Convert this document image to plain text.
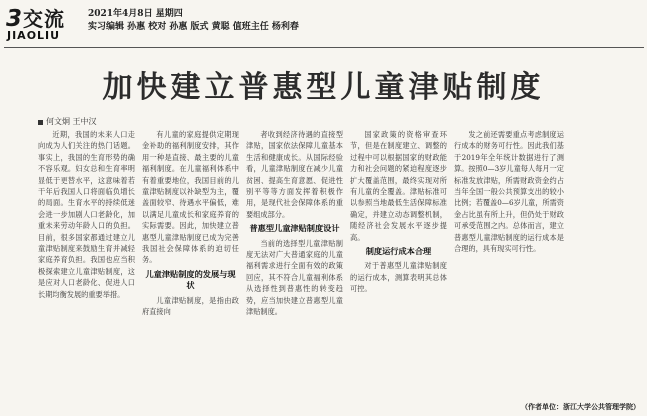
3交流
JIAOLIU
2021年4月8日 星期四
实习编辑 孙惠 校对 孙惠 版式 黄聪 值班主任 杨利春
加快建立普惠型儿童津贴制度
何文炯 王中汉

近期，我国的未来人口走向成为人们关注的热门话题。事实上，我国的生育形势的确不容乐观。妇女总和生育率明显低于更替水平，这意味着若干年后我国人口将面临负增长的局面。生育水平的持续低迷会进一步加剧人口老龄化，加重未来劳动年龄人口的负担。目前，很多国家都通过建立儿童津贴制度来鼓励生育并减轻家庭养育负担。我国也应当积极探索建立儿童津贴制度，这是应对人口老龄化、促进人口长期均衡发展的重要举措。

有儿童的家庭提供定期现金补助的福利制度安排，其作用一种是直接、最主要的儿童福利制度。在儿童福利体系中有着重要地位，我国目前的儿童津贴制度以补缺型为主，覆盖面较窄、待遇水平偏低，难以满足儿童成长和家庭养育的实际需要。因此，加快建立普惠型儿童津贴制度已成为完善我国社会保障体系的迫切任务。

儿童津贴制度的发展与现状

儿童津贴制度，是指由政府直接向

者收到经济待遇的直接型津贴，国家依法保障儿童基本生活和健康成长。从国际经验看，儿童津贴制度在减少儿童贫困、提高生育意愿、促进性别平等等方面发挥着积极作用，是现代社会保障体系的重要组成部分。

普惠型儿童津贴制度设计

当前的选择型儿童津贴制度无法对广大普通家庭的儿童福利需求进行全面有效的政策回应，其不符合儿童福利体系从选择性到普惠性的转变趋势，应当加快建立普惠型儿童津贴制度。

国家政策的资格审查环节，但是在制度建立、调整的过程中可以根据国家的财政能力和社会问题的紧迫程度逐步扩大覆盖范围，最终实现对所有儿童的全覆盖。津贴标准可以参照当地最低生活保障标准确定，并建立动态调整机制，随经济社会发展水平逐步提高。

制度运行成本合理

对于普惠型儿童津贴制度的运行成本，测算表明其总体可控。

发之前还需要重点考虑制度运行成本的财务可行性。因此我们基于2019年全年统计数据进行了测算。按照0—3岁儿童每人每月一定标准发放津贴，所需财政资金约占当年全国一般公共预算支出的较小比例；若覆盖0—6岁儿童，所需资金占比虽有所上升，但仍处于财政可承受范围之内。总体而言，建立普惠型儿童津贴制度的运行成本是合理的，具有现实可行性。

（作者单位：浙江大学公共管理学院）
